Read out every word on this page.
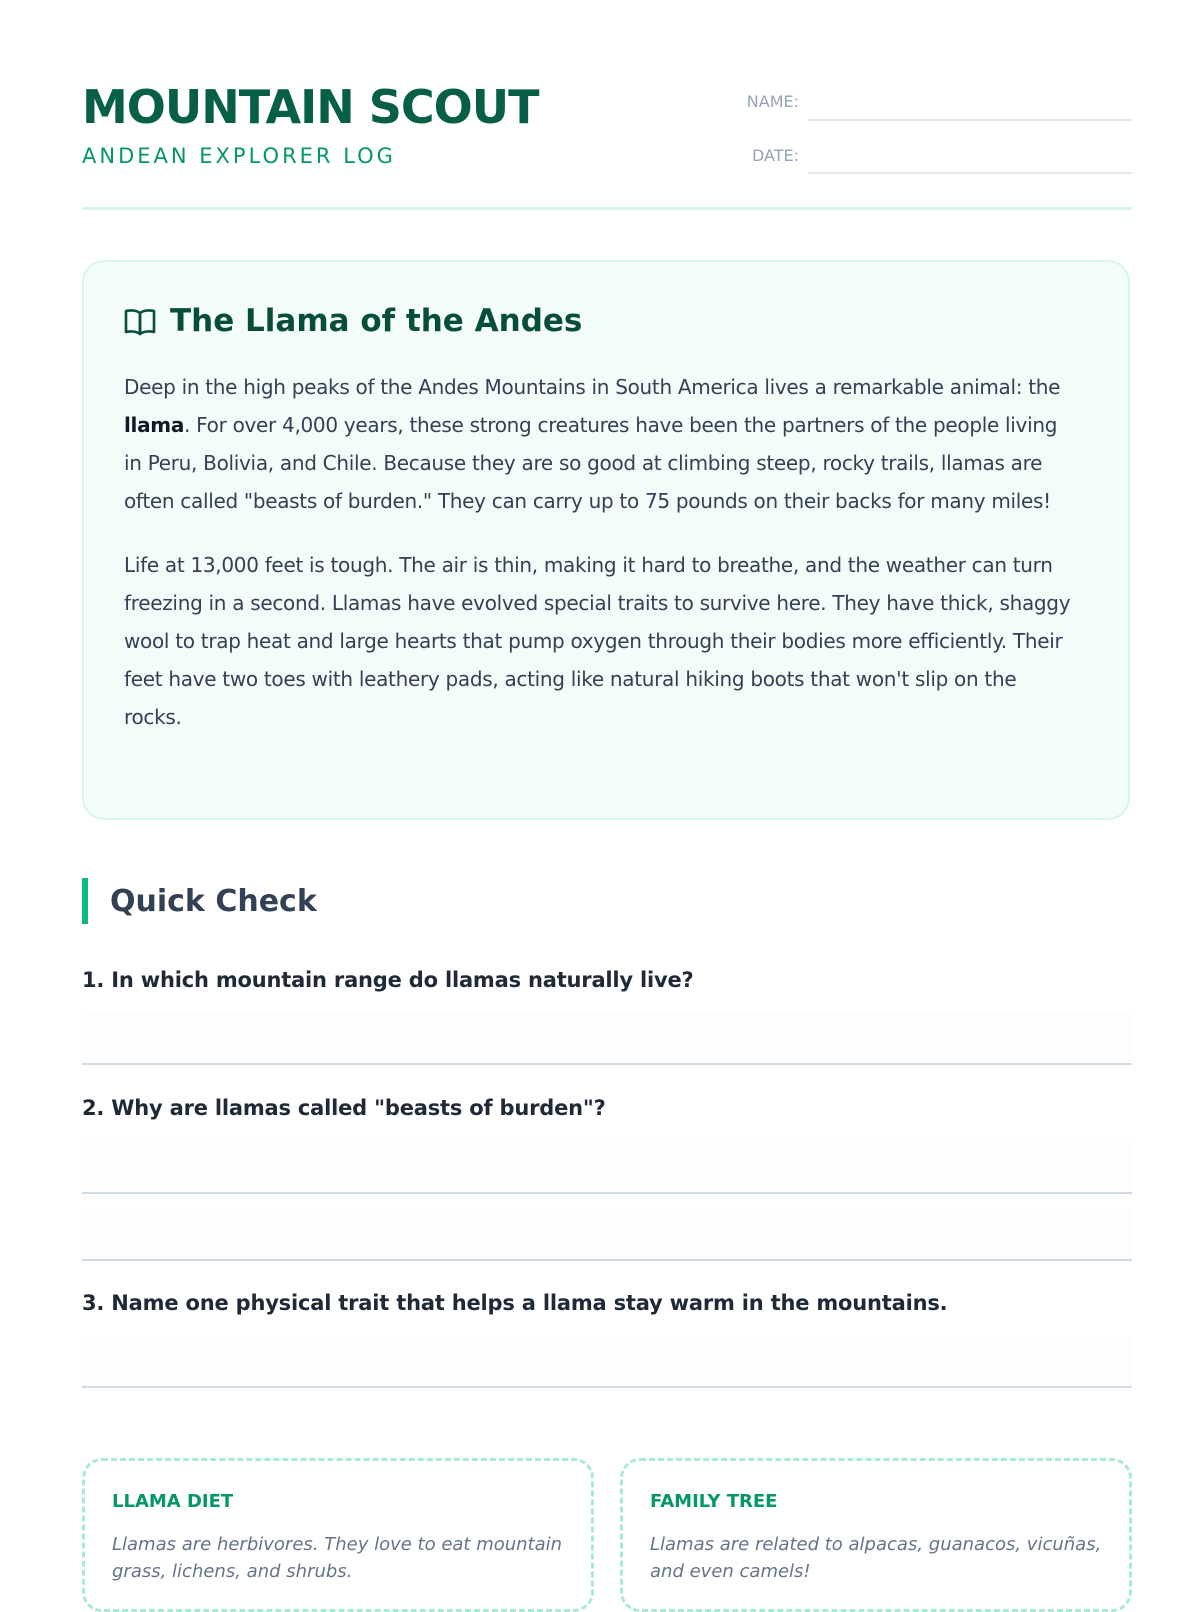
MOUNTAIN SCOUT
ANDEAN EXPLORER LOG
NAME:
DATE:
The Llama of the Andes

Deep in the high peaks of the Andes Mountains in South America lives a remarkable animal: the llama. For over 4,000 years, these strong creatures have been the partners of the people living in Peru, Bolivia, and Chile. Because they are so good at climbing steep, rocky trails, llamas are often called "beasts of burden." They can carry up to 75 pounds on their backs for many miles!

Life at 13,000 feet is tough. The air is thin, making it hard to breathe, and the weather can turn freezing in a second. Llamas have evolved special traits to survive here. They have thick, shaggy wool to trap heat and large hearts that pump oxygen through their bodies more efficiently. Their feet have two toes with leathery pads, acting like natural hiking boots that won't slip on the rocks.

Quick Check
1. In which mountain range do llamas naturally live?
2. Why are llamas called "beasts of burden"?
3. Name one physical trait that helps a llama stay warm in the mountains.
LLAMA DIET
Llamas are herbivores. They love to eat mountain grass, lichens, and shrubs.
FAMILY TREE
Llamas are related to alpacas, guanacos, vicuñas, and even camels!
